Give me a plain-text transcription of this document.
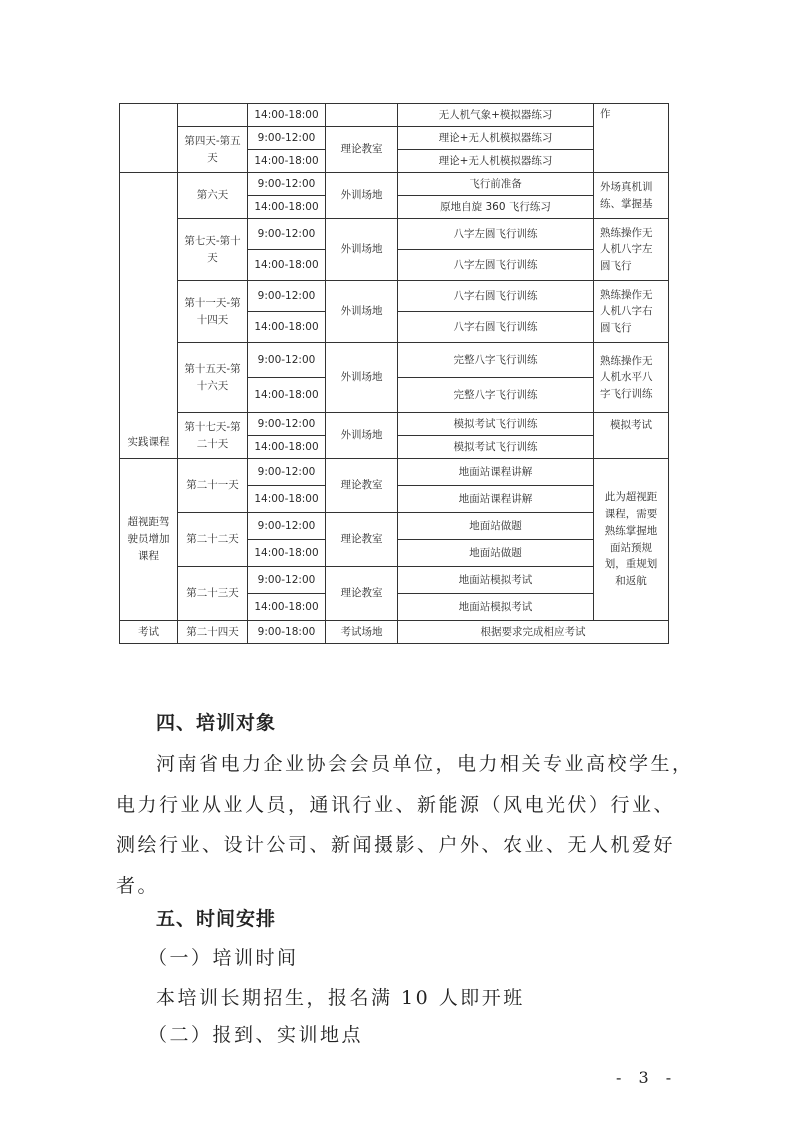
		14:00-18:00		无人机气象+模拟器练习	作
	第四天-第五天	9:00-12:00	理论教室	理论+无人机模拟器练习	
		14:00-18:00		理论+无人机模拟器练习	
实践课程	第六天	9:00-12:00	外训场地	飞行前准备	外场真机训练、掌握基
		14:00-18:00		原地自旋 360 飞行练习	
	第七天-第十天	9:00-12:00	外训场地	八字左圆飞行训练	熟练操作无人机八字左圆飞行
		14:00-18:00		八字左圆飞行训练	
	第十一天-第十四天	9:00-12:00	外训场地	八字右圆飞行训练	熟练操作无人机八字右圆飞行
		14:00-18:00		八字右圆飞行训练	
	第十五天-第十六天	9:00-12:00	外训场地	完整八字飞行训练	熟练操作无人机水平八字飞行训练
		14:00-18:00		完整八字飞行训练	
	第十七天-第二十天	9:00-12:00	外训场地	模拟考试飞行训练	模拟考试
		14:00-18:00		模拟考试飞行训练	
超视距驾驶员增加课程	第二十一天	9:00-12:00	理论教室	地面站课程讲解	此为超视距课程，需要熟练掌握地面站预规划，重规划和返航
		14:00-18:00		地面站课程讲解	
	第二十二天	9:00-12:00	理论教室	地面站做题	
		14:00-18:00		地面站做题	
	第二十三天	9:00-12:00	理论教室	地面站模拟考试	
		14:00-18:00		地面站模拟考试	
考试	第二十四天	9:00-18:00	考试场地	根据要求完成相应考试	
四、培训对象
河南省电力企业协会会员单位，电力相关专业高校学生，
电力行业从业人员，通讯行业、新能源（风电光伏）行业、
测绘行业、设计公司、新闻摄影、户外、农业、无人机爱好
者。
五、时间安排
（一）培训时间
本培训长期招生，报名满 10 人即开班
（二）报到、实训地点
- 3 -
